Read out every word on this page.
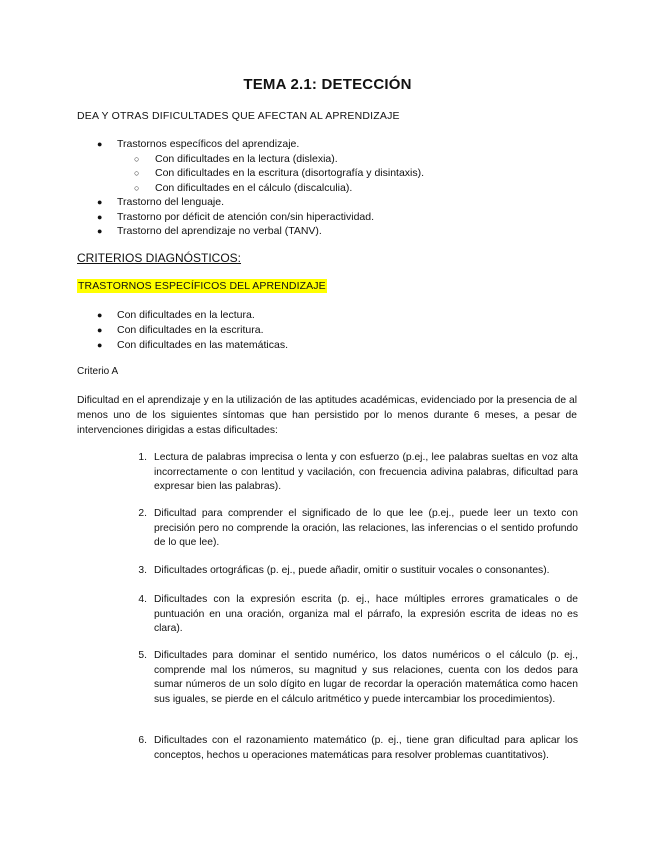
TEMA 2.1: DETECCIÓN
DEA Y OTRAS DIFICULTADES QUE AFECTAN AL APRENDIZAJE
● Trastornos específicos del aprendizaje.
○ Con dificultades en la lectura (dislexia).
○ Con dificultades en la escritura (disortografía y disintaxis).
○ Con dificultades en el cálculo (discalculia).
● Trastorno del lenguaje.
● Trastorno por déficit de atención con/sin hiperactividad.
● Trastorno del aprendizaje no verbal (TANV).
CRITERIOS DIAGNÓSTICOS:
TRASTORNOS ESPECÍFICOS DEL APRENDIZAJE
● Con dificultades en la lectura.
● Con dificultades en la escritura.
● Con dificultades en las matemáticas.
Criterio A
Dificultad en el aprendizaje y en la utilización de las aptitudes académicas, evidenciado por la presencia de al menos uno de los siguientes síntomas que han persistido por lo menos durante 6 meses, a pesar de intervenciones dirigidas a estas dificultades:
1. Lectura de palabras imprecisa o lenta y con esfuerzo (p.ej., lee palabras sueltas en voz alta incorrectamente o con lentitud y vacilación, con frecuencia adivina palabras, dificultad para expresar bien las palabras).
2. Dificultad para comprender el significado de lo que lee (p.ej., puede leer un texto con precisión pero no comprende la oración, las relaciones, las inferencias o el sentido profundo de lo que lee).
3. Dificultades ortográficas (p. ej., puede añadir, omitir o sustituir vocales o consonantes).
4. Dificultades con la expresión escrita (p. ej., hace múltiples errores gramaticales o de puntuación en una oración, organiza mal el párrafo, la expresión escrita de ideas no es clara).
5. Dificultades para dominar el sentido numérico, los datos numéricos o el cálculo (p. ej., comprende mal los números, su magnitud y sus relaciones, cuenta con los dedos para sumar números de un solo dígito en lugar de recordar la operación matemática como hacen sus iguales, se pierde en el cálculo aritmético y puede intercambiar los procedimientos).
6. Dificultades con el razonamiento matemático (p. ej., tiene gran dificultad para aplicar los conceptos, hechos u operaciones matemáticas para resolver problemas cuantitativos).
